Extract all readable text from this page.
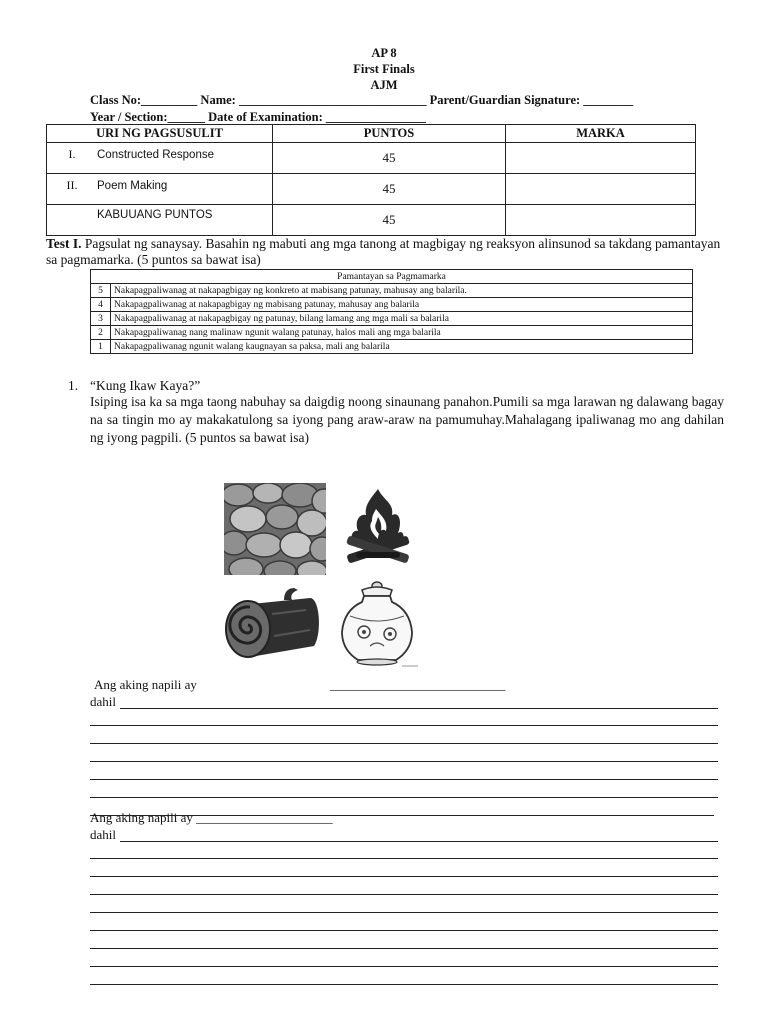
AP 8
First Finals
AJM
Class No:_________ Name: ______________________________ Parent/Guardian Signature: ________
Year / Section:______ Date of Examination: ________________
URI NG PAGSUSULIT	PUNTOS	MARKA
I. Constructed Response	45	
II. Poem Making	45	
KABUUANG PUNTOS	45	
Test I. Pagsulat ng sanaysay. Basahin ng mabuti ang mga tanong at magbigay ng reaksyon alinsunod sa takdang pamantayan sa pagmamarka. (5 puntos sa bawat isa)
Pamantayan sa Pagmamarka	
5	Nakapagpaliwanag at nakapagbigay ng konkreto at mabisang patunay, mahusay ang balarila.
4	Nakapagpaliwanag at nakapagbigay ng mabisang patunay, mahusay ang balarila
3	Nakapagpaliwanag at nakapagbigay ng patunay, bilang lamang ang mga mali sa balarila
2	Nakapagpaliwanag nang malinaw ngunit walang patunay, halos mali ang mga balarila
1	Nakapagpaliwanag ngunit walang kaugnayan sa paksa, mali ang balarila
1. “Kung Ikaw Kaya?”
Isiping isa ka sa mga taong nabuhay sa daigdig noong sinaunang panahon.Pumili sa mga larawan ng dalawang bagay na sa tingin mo ay makakatulong sa iyong pang araw-araw na pamumuhay.Mahalagang ipaliwanag mo ang dahilan ng iyong pagpili. (5 puntos sa bawat isa)
Ang aking napili ay	___________________________
dahil
Ang aking napili ay _____________________
dahil
